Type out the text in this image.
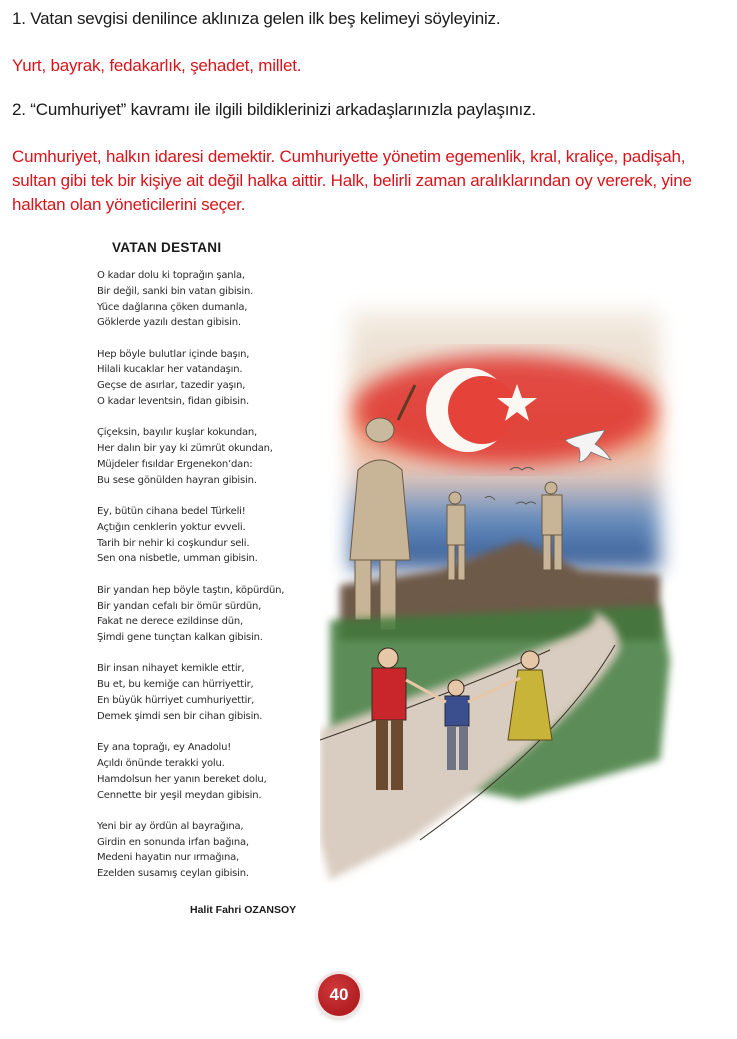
1. Vatan sevgisi denilince aklınıza gelen ilk beş kelimeyi söyleyiniz.
Yurt, bayrak, fedakarlık, şehadet, millet.
2. “Cumhuriyet” kavramı ile ilgili bildiklerinizi arkadaşlarınızla paylaşınız.
Cumhuriyet, halkın idaresi demektir. Cumhuriyette yönetim egemenlik, kral, kraliçe, padişah, sultan gibi tek bir kişiye ait değil halka aittir. Halk, belirli zaman aralıklarından oy vererek, yine halktan olan yöneticilerini seçer.
VATAN DESTANI
O kadar dolu ki toprağın şanla,
Bir değil, sanki bin vatan gibisin.
Yüce dağlarına çöken dumanla,
Göklerde yazılı destan gibisin.
Hep böyle bulutlar içinde başın,
Hilali kucaklar her vatandaşın.
Geçse de asırlar, tazedir yaşın,
O kadar leventsin, fidan gibisin.
Çiçeksin, bayılır kuşlar kokundan,
Her dalın bir yay ki zümrüt okundan,
Müjdeler fısıldar Ergenekon’dan:
Bu sese gönülden hayran gibisin.
Ey, bütün cihana bedel Türkeli!
Açtığın cenklerin yoktur evveli.
Tarih bir nehir ki coşkundur seli.
Sen ona nisbetle, umman gibisin.
Bir yandan hep böyle taştın, köpürdün,
Bir yandan cefalı bir ömür sürdün,
Fakat ne derece ezildinse dün,
Şimdi gene tunçtan kalkan gibisin.
Bir insan nihayet kemikle ettir,
Bu et, bu kemiğe can hürriyettir,
En büyük hürriyet cumhuriyettir,
Demek şimdi sen bir cihan gibisin.
Ey ana toprağı, ey Anadolu!
Açıldı önünde terakki yolu.
Hamdolsun her yanın bereket dolu,
Cennette bir yeşil meydan gibisin.
Yeni bir ay ördün al bayrağına,
Girdin en sonunda irfan bağına,
Medeni hayatın nur ırmağına,
Ezelden susamış ceylan gibisin.
Halit Fahri OZANSOY
40
